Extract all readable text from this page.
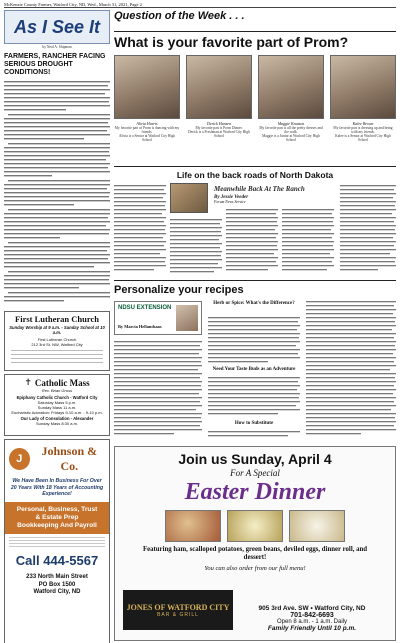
McKenzie County Farmer, Watford City, ND, Wed., March 31, 2021, Page 2
As I See It
by Neal A. Shipman
FARMERS, RANCHER FACING SERIOUS DROUGHT CONDITIONS!
First Lutheran Church
Sunday Worship at 9 a.m. - Sunday School at 10 a.m.
First Lutheran Church
212 3rd St. NW, Watford City
✝ Catholic Mass
Rev. Brian Gross
Epiphany Catholic Church - Watford City
Saturday Mass 5 p.m.
Sunday Mass 11 a.m.
Eucharistic Adoration: Fridays 9-10 a.m. - 9-10 p.m.
Our Lady of Consolation - Alexander
Sunday Mass 8:30 a.m.
J
Johnson & Co.
We Have Been In Business For Over 20 Years With 18 Years of Accounting Experience!
Personal, Business, Trust
& Estate Prep
Bookkeeping And Payroll
Call 444-5567
233 North Main Street
PO Box 1500
Watford City, ND
Question of the Week . . .
What is your favorite part of Prom?
Alivia Harris
My favorite part of Prom is dancing with my friends.
Alivia is a Senior at Watford City High School
Derick Hansen
My favorite part is Prom Dinner.
Derick is a Freshman at Watford City High School
Maggie Knutson
My favorite part is all the pretty dresses and the walk.
Maggie is a Junior at Watford City High School
Kalee Brown
My favorite part is dressing up and being with my friends.
Kalee is a Senior at Watford City High School
Life on the back roads of North Dakota
Meanwhile Back At The Ranch
By Jessie Veeder
Forum News Service
Personalize your recipes
NDSU EXTENSION
By Marcia Hellandsaas
Herb or Spice: What's the Difference?
Need Your Taste Buds as an Adventure
How to Substitute
Join us Sunday, April 4
For A Special
Easter Dinner
Featuring ham, scalloped potatoes, green beans, deviled eggs, dinner roll, and dessert!
You can also order from our full menu!
JONES OF WATFORD CITY
BAR & GRILL
905 3rd Ave. SW • Watford City, ND
701-842-6693
Open 8 a.m. - 1 a.m. Daily
Family Friendly Until 10 p.m.
